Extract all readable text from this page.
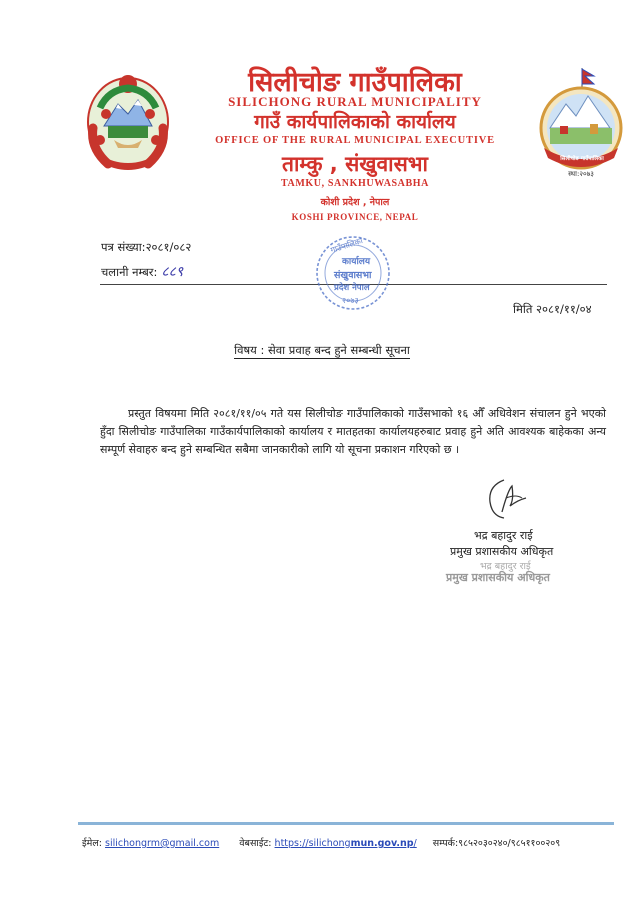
सिलीचोङ गाउँपालिका
स्था:२०७३
सिलीचोङ गाउँपालिका
SILICHONG RURAL MUNICIPALITY
गाउँ कार्यपालिकाको कार्यालय
OFFICE OF THE RURAL MUNICIPAL EXECUTIVE
ताम्कु , संखुवासभा
TAMKU, SANKHUWASABHA
कोशी प्रदेश , नेपाल
KOSHI PROVINCE, NEPAL
पत्र संख्या:२०८१/०८२
चलानी नम्बर: ८८९
गाउँपालिका
कार्यालय
संखुवासभा
प्रदेश नेपाल
२०७३
मिति २०८१/११/०४
विषय : सेवा प्रवाह बन्द हुने सम्बन्धी सूचना
प्रस्तुत विषयमा मिति २०८१/११/०५ गते यस सिलीचोङ गाउँपालिकाको गाउँसभाको १६ औँ अधिवेशन संचालन हुने भएको हुँदा सिलीचोङ गाउँपालिका गाउँकार्यपालिकाको कार्यालय र मातहतका कार्यालयहरुबाट प्रवाह हुने अति आवश्यक बाहेकका अन्य सम्पूर्ण सेवाहरु बन्द हुने सम्बन्धित सबैमा जानकारीको लागि यो सूचना प्रकाशन गरिएको छ ।
भद्र बहादुर राई
प्रमुख प्रशासकीय अधिकृत
भद्र बहादुर राई
प्रमुख प्रशासकीय अधिकृत
ईमेल: silichongrm@gmail.com वेबसाईट: https://silichongmun.gov.np/ सम्पर्क:९८५२०३०२४०/९८५११००२०९
